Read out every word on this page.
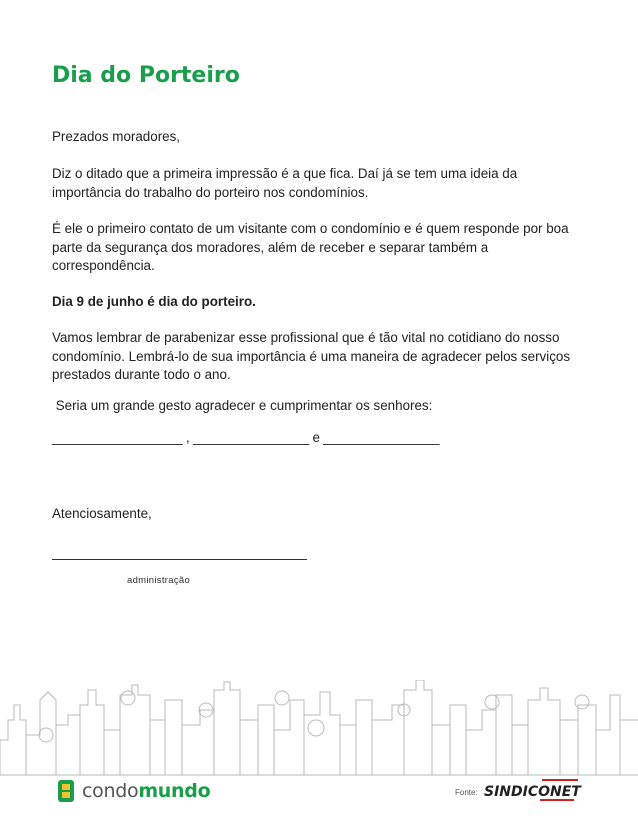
Dia do Porteiro

Prezados moradores,

Diz o ditado que a primeira impressão é a que fica. Daí já se tem uma ideia da importância do trabalho do porteiro nos condomínios.

É ele o primeiro contato de um visitante com o condomínio e é quem responde por boa parte da segurança dos moradores, além de receber e separar também a correspondência.

Dia 9 de junho é dia do porteiro.

Vamos lembrar de parabenizar esse profissional que é tão vital no cotidiano do nosso condomínio. Lembrá-lo de sua importância é uma maneira de agradecer pelos serviços prestados durante todo o ano.

Seria um grande gesto agradecer e cumprimentar os senhores:

__________________ , ________________ e ________________

Atenciosamente,

administração
condomundo	Fonte: SINDICONET
